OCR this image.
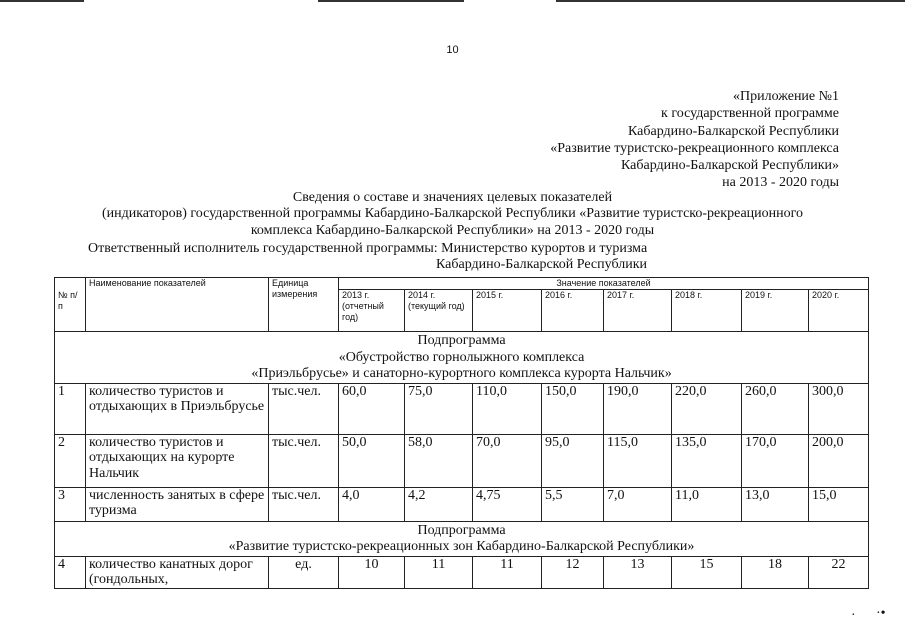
10
«Приложение №1
к государственной программе
Кабардино-Балкарской Республики
«Развитие туристско-рекреационного комплекса
Кабардино-Балкарской Республики»
на 2013 - 2020 годы
Сведения о составе и значениях целевых показателей
(индикаторов) государственной программы Кабардино-Балкарской Республики «Развитие туристско-рекреационного
комплекса Кабардино-Балкарской Республики» на 2013 - 2020 годы
Ответственный исполнитель государственной программы: Министерство курортов и туризма
Кабардино-Балкарской Республики
№ п/п	Наименование показателей	Единица измерения	Значение показателей							
			2013 г. (отчетный год)	2014 г. (текущий год)	2015 г.	2016 г.	2017 г.	2018 г.	2019 г.	2020 г.

Подпрограмма
«Обустройство горнолыжного комплекса
«Приэльбрусье» и санаторно-курортного комплекса курорта Нальчик»										

1	количество туристов и отдыхающих в Приэльбрусье	тыс.чел.	60,0	75,0	110,0	150,0	190,0	220,0	260,0	300,0
2	количество туристов и отдыхающих на курорте Нальчик	тыс.чел.	50,0	58,0	70,0	95,0	115,0	135,0	170,0	200,0
3	численность занятых в сфере туризма	тыс.чел.	4,0	4,2	4,75	5,5	7,0	11,0	13,0	15,0

Подпрограмма
«Развитие туристско-рекреационных зон Кабардино-Балкарской Республики»										

4	количество канатных дорог (гондольных,	ед.	10	11	11	12	13	15	18	22
· ·•
